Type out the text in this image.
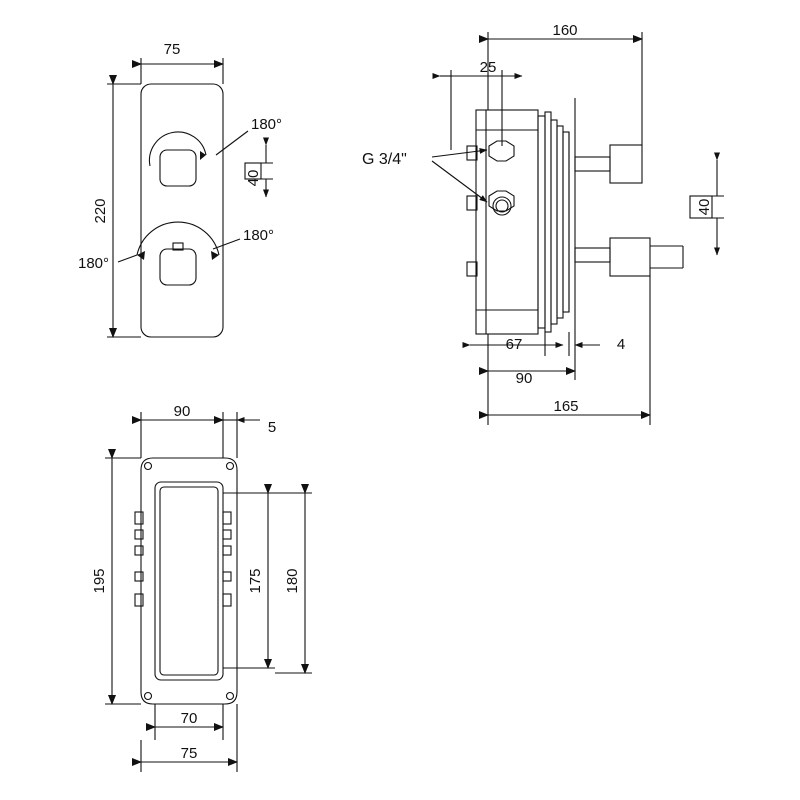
75
220
40
180°
180°
180°
160
25
40
67	4
90
165
G 3/4"
90
5
195	175 180
70
75
